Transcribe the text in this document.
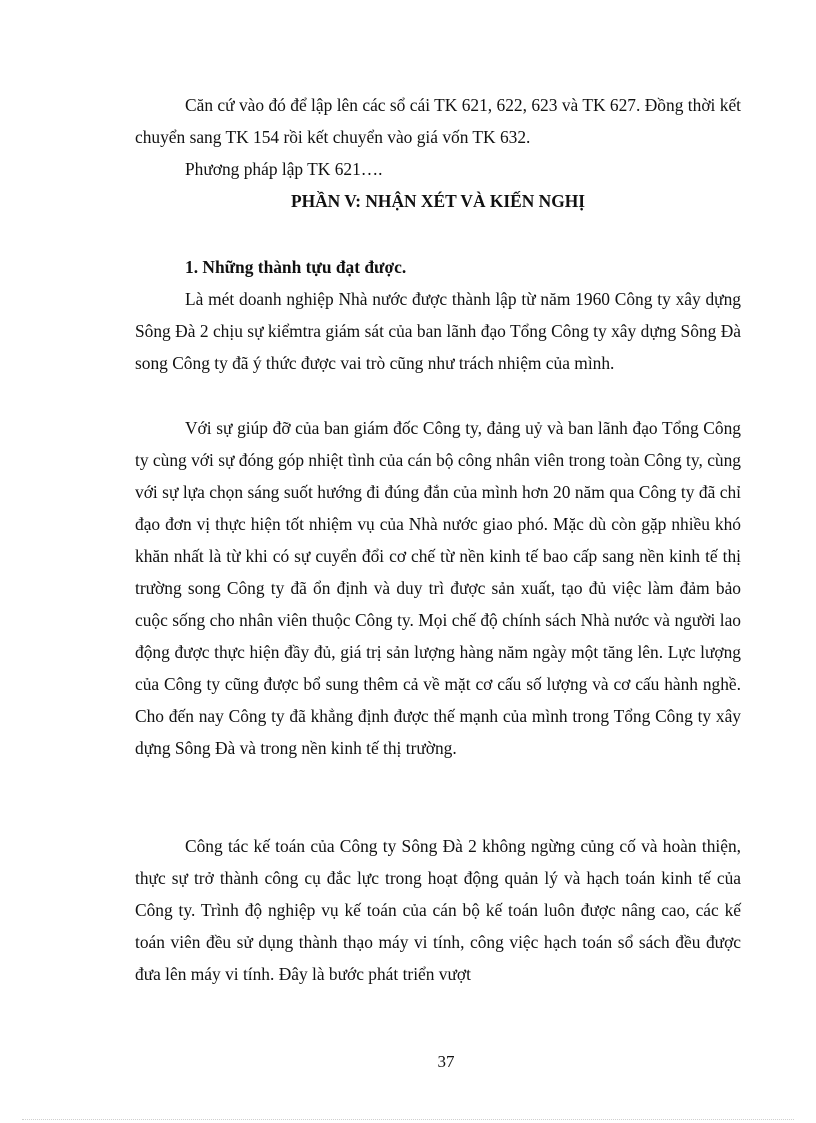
Căn cứ vào đó để lập lên các sổ cái TK 621, 622, 623 và TK 627. Đồng thời kết chuyển sang TK 154 rồi kết chuyển vào giá vốn TK 632.

Phương pháp lập TK 621….

PHẦN V: NHẬN XÉT VÀ KIẾN NGHỊ
1. Những thành tựu đạt được.

Là mét doanh nghiệp Nhà nước được thành lập từ năm 1960 Công ty xây dựng Sông Đà 2 chịu sự kiểmtra giám sát của ban lãnh đạo Tổng Công ty xây dựng Sông Đà song Công ty đã ý thức được vai trò cũng như trách nhiệm của mình.

Với sự giúp đỡ của ban giám đốc Công ty, đảng uỷ và ban lãnh đạo Tổng Công ty cùng với sự đóng góp nhiệt tình của cán bộ công nhân viên trong toàn Công ty, cùng với sự lựa chọn sáng suốt hướng đi đúng đắn của mình hơn 20 năm qua Công ty đã chỉ đạo đơn vị thực hiện tốt nhiệm vụ của Nhà nước giao phó. Mặc dù còn gặp nhiều khó khăn nhất là từ khi có sự cuyển đổi cơ chế từ nền kinh tế bao cấp sang nền kinh tế thị trường song Công ty đã ổn định và duy trì được sản xuất, tạo đủ việc làm đảm bảo cuộc sống cho nhân viên thuộc Công ty. Mọi chế độ chính sách Nhà nước và người lao động được thực hiện đầy đủ, giá trị sản lượng hàng năm ngày một tăng lên. Lực lượng của Công ty cũng được bổ sung thêm cả về mặt cơ cấu số lượng và cơ cấu hành nghề. Cho đến nay Công ty đã khẳng định được thế mạnh của mình trong Tổng Công ty xây dựng Sông Đà và trong nền kinh tế thị trường.

Công tác kế toán của Công ty Sông Đà 2 không ngừng củng cố và hoàn thiện, thực sự trở thành công cụ đắc lực trong hoạt động quản lý và hạch toán kinh tế của Công ty. Trình độ nghiệp vụ kế toán của cán bộ kế toán luôn được nâng cao, các kế toán viên đều sử dụng thành thạo máy vi tính, công việc hạch toán sổ sách đều được đưa lên máy vi tính. Đây là bước phát triển vượt

37
